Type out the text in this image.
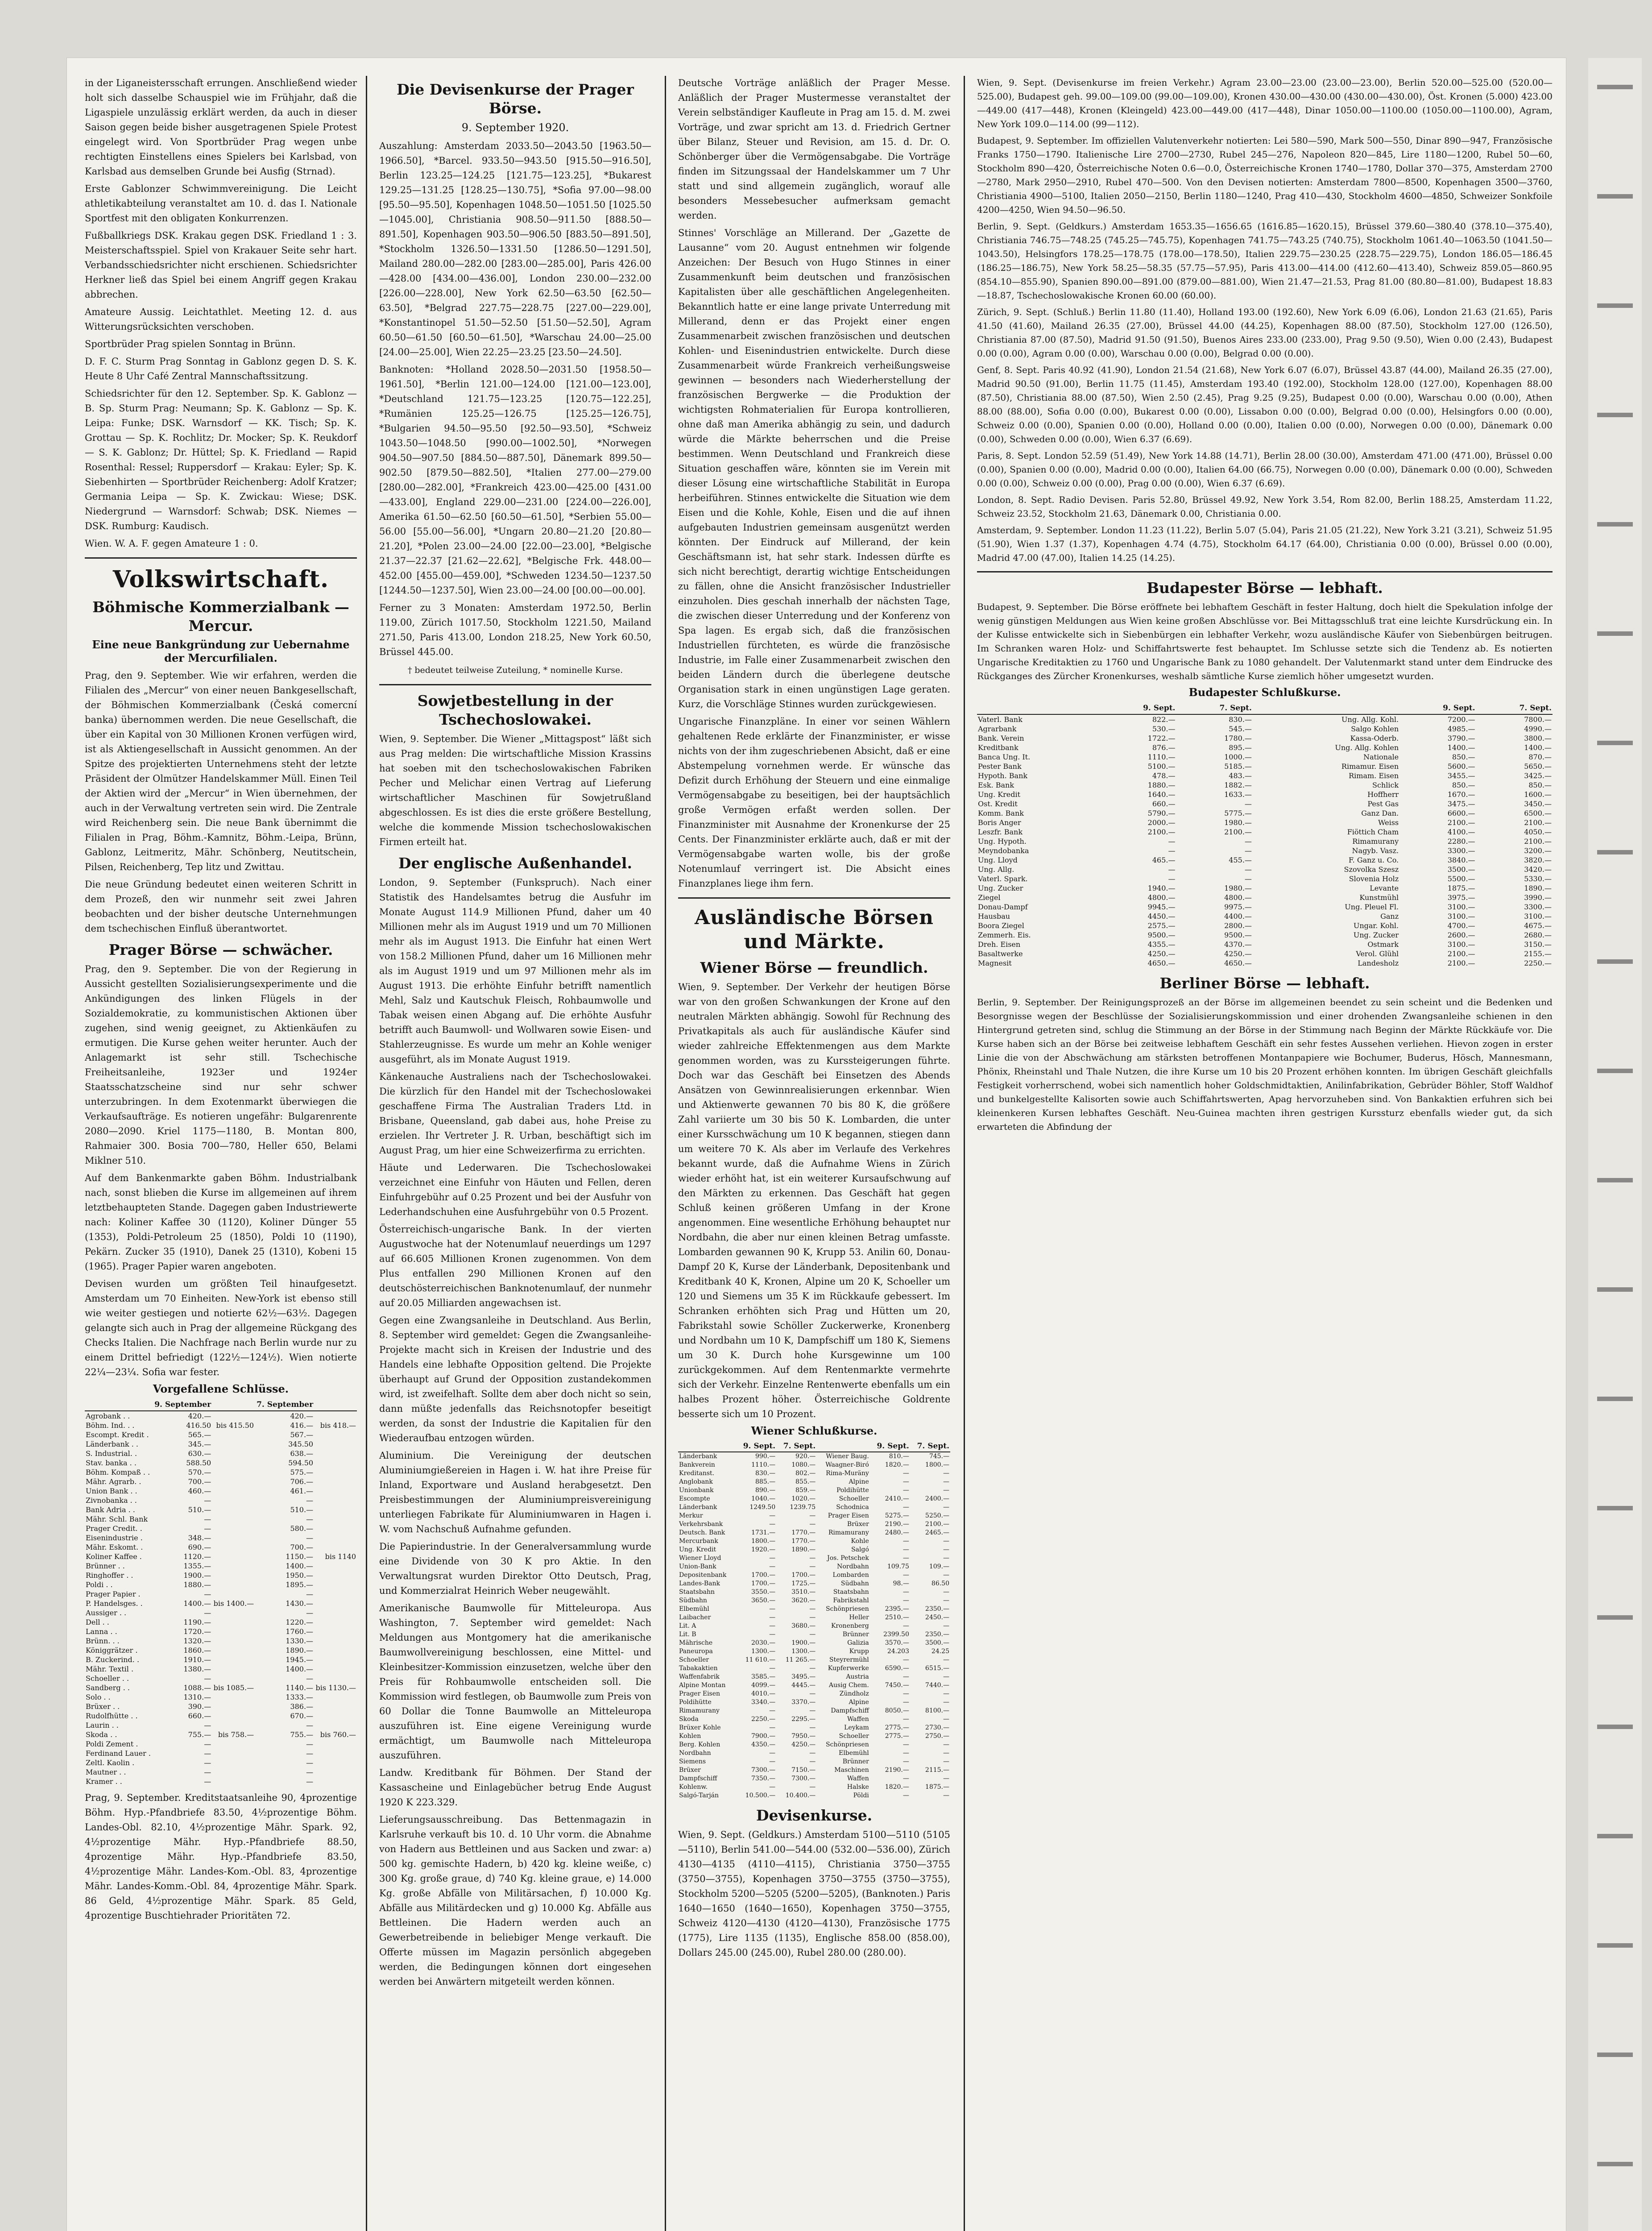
in der Liganeistersschaft errungen. Anschließend wieder holt sich dasselbe Schauspiel wie im Frühjahr, daß die Ligaspiele unzulässig erklärt werden, da auch in dieser Saison gegen beide bisher ausgetragenen Spiele Protest eingelegt wird. Von Sportbrüder Prag wegen unbe rechtigten Einstellens eines Spielers bei Karlsbad, von Karlsbad aus demselben Grunde bei Ausfig (Strnad).

Erste Gablonzer Schwimmvereinigung. Die Leicht athletikabteilung veranstaltet am 10. d. das I. Nationale Sportfest mit den obligaten Konkurrenzen.

Fußballkriegs DSK. Krakau gegen DSK. Friedland 1 : 3. Meisterschaftsspiel. Spiel von Krakauer Seite sehr hart. Verbandsschiedsrichter nicht erschienen. Schiedsrichter Herkner ließ das Spiel bei einem Angriff gegen Krakau abbrechen.

Amateure Aussig. Leichtathlet. Meeting 12. d. aus Witterungsrücksichten verschoben.

Sportbrüder Prag spielen Sonntag in Brünn.

D. F. C. Sturm Prag Sonntag in Gablonz gegen D. S. K. Heute 8 Uhr Café Zentral Mannschaftssitzung.

Schiedsrichter für den 12. September. Sp. K. Gablonz — B. Sp. Sturm Prag: Neumann; Sp. K. Gablonz — Sp. K. Leipa: Funke; DSK. Warnsdorf — KK. Tisch; Sp. K. Grottau — Sp. K. Rochlitz; Dr. Mocker; Sp. K. Reukdorf — S. K. Gablonz; Dr. Hüttel; Sp. K. Friedland — Rapid Rosenthal: Ressel; Ruppersdorf — Krakau: Eyler; Sp. K. Siebenhirten — Sportbrüder Reichenberg: Adolf Kratzer; Germania Leipa — Sp. K. Zwickau: Wiese; DSK. Niedergrund — Warnsdorf: Schwab; DSK. Niemes — DSK. Rumburg: Kaudisch.

Wien. W. A. F. gegen Amateure 1 : 0.

Volkswirtschaft.
Böhmische Kommerzialbank — Mercur.
Eine neue Bankgründung zur Uebernahme der Mercurfilialen.

Prag, den 9. September. Wie wir erfahren, werden die Filialen des „Mercur“ von einer neuen Bankgesellschaft, der Böhmischen Kommerzialbank (Česká comercní banka) übernommen werden. Die neue Gesellschaft, die über ein Kapital von 30 Millionen Kronen verfügen wird, ist als Aktiengesellschaft in Aussicht genommen. An der Spitze des projektierten Unternehmens steht der letzte Präsident der Olmützer Handelskammer Müll. Einen Teil der Aktien wird der „Mercur“ in Wien übernehmen, der auch in der Verwaltung vertreten sein wird. Die Zentrale wird Reichenberg sein. Die neue Bank übernimmt die Filialen in Prag, Böhm.-Kamnitz, Böhm.-Leipa, Brünn, Gablonz, Leitmeritz, Mähr. Schönberg, Neutitschein, Pilsen, Reichenberg, Tep litz und Zwittau.

Die neue Gründung bedeutet einen weiteren Schritt in dem Prozeß, den wir nunmehr seit zwei Jahren beobachten und der bisher deutsche Unternehmungen dem tschechischen Einfluß überantwortet.

Prager Börse — schwächer.

Prag, den 9. September. Die von der Regierung in Aussicht gestellten Sozialisierungsexperimente und die Ankündigungen des linken Flügels in der Sozialdemokratie, zu kommunistischen Aktionen über zugehen, sind wenig geeignet, zu Aktienkäufen zu ermutigen. Die Kurse gehen weiter herunter. Auch der Anlagemarkt ist sehr still. Tschechische Freiheitsanleihe, 1923er und 1924er Staatsschatzscheine sind nur sehr schwer unterzubringen. In dem Exotenmarkt überwiegen die Verkaufsaufträge. Es notieren ungefähr: Bulgarenrente 2080—2090. Kriel 1175—1180, B. Montan 800, Rahmaier 300. Bosia 700—780, Heller 650, Belami Miklner 510.

Auf dem Bankenmarkte gaben Böhm. Industrialbank nach, sonst blieben die Kurse im allgemeinen auf ihrem letztbehaupteten Stande. Dagegen gaben Industriewerte nach: Koliner Kaffee 30 (1120), Koliner Dünger 55 (1353), Poldi-Petroleum 25 (1850), Poldi 10 (1190), Pekärn. Zucker 35 (1910), Danek 25 (1310), Kobeni 15 (1965). Prager Papier waren angeboten.

Devisen wurden um größten Teil hinaufgesetzt. Amsterdam um 70 Einheiten. New-York ist ebenso still wie weiter gestiegen und notierte 62½—63½. Dagegen gelangte sich auch in Prag der allgemeine Rückgang des Checks Italien. Die Nachfrage nach Berlin wurde nur zu einem Drittel befriedigt (122½—124½). Wien notierte 22¼—23¼. Sofia war fester.

Vorgefallene Schlüsse.
	9. September		7. September	
Agrobank . .	420.—		420.—	
Böhm. Ind. . .	416.50	bis 415.50	416.—	bis 418.—
Escompt. Kredit .	565.—		567.—	
Länderbank . .	345.—		345.50	
S. Industrial. .	630.—		638.—	
Stav. banka . .	588.50		594.50	
Böhm. Kompaß . .	570.—		575.—	
Mähr. Agrarb. .	700.—		706.—	
Union Bank . .	460.—		461.—	
Zivnobanka . .	—		—	
Bank Adria . .	510.—		510.—	
Mähr. Schl. Bank	—		—	
Prager Credit. .	—		580.—	
Eisenindustrie .	348.—		—	
Mähr. Eskomt. .	690.—		700.—	
Koliner Kaffee .	1120.—		1150.—	bis 1140
Brünner . .	1355.—		1400.—	
Ringhoffer . .	1900.—		1950.—	
Poldi . .	1880.—		1895.—	
Prager Papier .	—		—	
P. Handelsges. .	1400.—	bis 1400.—	1430.—	
Aussiger . .	—		—	
Dell . .	1190.—		1220.—	
Lanna . .	1720.—		1760.—	
Brünn. . .	1320.—		1330.—	
Königgrätzer .	1860.—		1890.—	
B. Zuckerind. .	1910.—		1945.—	
Mähr. Textil .	1380.—		1400.—	
Schoeller . .	—		—	
Sandberg . .	1088.—	bis 1085.—	1140.—	bis 1130.—
Solo . .	1310.—		1333.—	
Brüxer . .	390.—		386.—	
Rudolfhütte . .	660.—		670.—	
Laurin . .	—		—	
Skoda . .	755.—	bis 758.—	755.—	bis 760.—
Poldi Zement .	—		—	
Ferdinand Lauer .	—		—	
Zeltl. Kaolin .	—		—	
Mautner . .	—		—	
Kramer . .	—		—	

Prag, 9. September. Kreditstaatsanleihe 90, 4prozentige Böhm. Hyp.-Pfandbriefe 83.50, 4½prozentige Böhm. Landes-Obl. 82.10, 4½prozentige Mähr. Spark. 92, 4½prozentige Mähr. Hyp.-Pfandbriefe 88.50, 4prozentige Mähr. Hyp.-Pfandbriefe 83.50, 4½prozentige Mähr. Landes-Kom.-Obl. 83, 4prozentige Mähr. Landes-Komm.-Obl. 84, 4prozentige Mähr. Spark. 86 Geld, 4½prozentige Mähr. Spark. 85 Geld, 4prozentige Buschtiehrader Prioritäten 72.

Die Devisenkurse der Prager Börse.
9. September 1920.

Auszahlung: Amsterdam 2033.50—2043.50 [1963.50—1966.50], *Barcel. 933.50—943.50 [915.50—916.50], Berlin 123.25—124.25 [121.75—123.25], *Bukarest 129.25—131.25 [128.25—130.75], *Sofia 97.00—98.00 [95.50—95.50], Kopenhagen 1048.50—1051.50 [1025.50—1045.00], Christiania 908.50—911.50 [888.50—891.50], Kopenhagen 903.50—906.50 [883.50—891.50], *Stockholm 1326.50—1331.50 [1286.50—1291.50], Mailand 280.00—282.00 [283.00—285.00], Paris 426.00—428.00 [434.00—436.00], London 230.00—232.00 [226.00—228.00], New York 62.50—63.50 [62.50—63.50], *Belgrad 227.75—228.75 [227.00—229.00], *Konstantinopel 51.50—52.50 [51.50—52.50], Agram 60.50—61.50 [60.50—61.50], *Warschau 24.00—25.00 [24.00—25.00], Wien 22.25—23.25 [23.50—24.50].

Banknoten: *Holland 2028.50—2031.50 [1958.50—1961.50], *Berlin 121.00—124.00 [121.00—123.00], *Deutschland 121.75—123.25 [120.75—122.25], *Rumänien 125.25—126.75 [125.25—126.75], *Bulgarien 94.50—95.50 [92.50—93.50], *Schweiz 1043.50—1048.50 [990.00—1002.50], *Norwegen 904.50—907.50 [884.50—887.50], Dänemark 899.50—902.50 [879.50—882.50], *Italien 277.00—279.00 [280.00—282.00], *Frankreich 423.00—425.00 [431.00—433.00], England 229.00—231.00 [224.00—226.00], Amerika 61.50—62.50 [60.50—61.50], *Serbien 55.00—56.00 [55.00—56.00], *Ungarn 20.80—21.20 [20.80—21.20], *Polen 23.00—24.00 [22.00—23.00], *Belgische 21.37—22.37 [21.62—22.62], *Belgische Frk. 448.00—452.00 [455.00—459.00], *Schweden 1234.50—1237.50 [1244.50—1237.50], Wien 23.00—24.00 [00.00—00.00].

Ferner zu 3 Monaten: Amsterdam 1972.50, Berlin 119.00, Zürich 1017.50, Stockholm 1221.50, Mailand 271.50, Paris 413.00, London 218.25, New York 60.50, Brüssel 445.00.

† bedeutet teilweise Zuteilung, * nominelle Kurse.
Sowjetbestellung in der Tschechoslowakei.

Wien, 9. September. Die Wiener „Mittagspost“ läßt sich aus Prag melden: Die wirtschaftliche Mission Krassins hat soeben mit den tschechoslowakischen Fabriken Pecher und Melichar einen Vertrag auf Lieferung wirtschaftlicher Maschinen für Sowjetrußland abgeschlossen. Es ist dies die erste größere Bestellung, welche die kommende Mission tschechoslowakischen Firmen erteilt hat.

Der englische Außenhandel.

London, 9. September (Funkspruch). Nach einer Statistik des Handelsamtes betrug die Ausfuhr im Monate August 114.9 Millionen Pfund, daher um 40 Millionen mehr als im August 1919 und um 70 Millionen mehr als im August 1913. Die Einfuhr hat einen Wert von 158.2 Millionen Pfund, daher um 16 Millionen mehr als im August 1919 und um 97 Millionen mehr als im August 1913. Die erhöhte Einfuhr betrifft namentlich Mehl, Salz und Kautschuk Fleisch, Rohbaumwolle und Tabak weisen einen Abgang auf. Die erhöhte Ausfuhr betrifft auch Baumwoll- und Wollwaren sowie Eisen- und Stahlerzeugnisse. Es wurde um mehr an Kohle weniger ausgeführt, als im Monate August 1919.

Känkenauche Australiens nach der Tschechoslowakei. Die kürzlich für den Handel mit der Tschechoslowakei geschaffene Firma The Australian Traders Ltd. in Brisbane, Queensland, gab dabei aus, hohe Preise zu erzielen. Ihr Vertreter J. R. Urban, beschäftigt sich im August Prag, um hier eine Schweizerfirma zu errichten.

Häute und Lederwaren. Die Tschechoslowakei verzeichnet eine Einfuhr von Häuten und Fellen, deren Einfuhrgebühr auf 0.25 Prozent und bei der Ausfuhr von Lederhandschuhen eine Ausfuhrgebühr von 0.5 Prozent.

Österreichisch-ungarische Bank. In der vierten Augustwoche hat der Notenumlauf neuerdings um 1297 auf 66.605 Millionen Kronen zugenommen. Von dem Plus entfallen 290 Millionen Kronen auf den deutschösterreichischen Banknotenumlauf, der nunmehr auf 20.05 Milliarden angewachsen ist.

Gegen eine Zwangsanleihe in Deutschland. Aus Berlin, 8. September wird gemeldet: Gegen die Zwangsanleihe-Projekte macht sich in Kreisen der Industrie und des Handels eine lebhafte Opposition geltend. Die Projekte überhaupt auf Grund der Opposition zustandekommen wird, ist zweifelhaft. Sollte dem aber doch nicht so sein, dann müßte jedenfalls das Reichsnotopfer beseitigt werden, da sonst der Industrie die Kapitalien für den Wiederaufbau entzogen würden.

Aluminium. Die Vereinigung der deutschen Aluminiumgießereien in Hagen i. W. hat ihre Preise für Inland, Exportware und Ausland herabgesetzt. Den Preisbestimmungen der Aluminiumpreisvereinigung unterliegen Fabrikate für Aluminiumwaren in Hagen i. W. vom Nachschuß Aufnahme gefunden.

Die Papierindustrie. In der Generalversammlung wurde eine Dividende von 30 K pro Aktie. In den Verwaltungsrat wurden Direktor Otto Deutsch, Prag, und Kommerzialrat Heinrich Weber neugewählt.

Amerikanische Baumwolle für Mitteleuropa. Aus Washington, 7. September wird gemeldet: Nach Meldungen aus Montgomery hat die amerikanische Baumwollvereinigung beschlossen, eine Mittel- und Kleinbesitzer-Kommission einzusetzen, welche über den Preis für Rohbaumwolle entscheiden soll. Die Kommission wird festlegen, ob Baumwolle zum Preis von 60 Dollar die Tonne Baumwolle an Mitteleuropa auszuführen ist. Eine eigene Vereinigung wurde ermächtigt, um Baumwolle nach Mitteleuropa auszuführen.

Landw. Kreditbank für Böhmen. Der Stand der Kassascheine und Einlagebücher betrug Ende August 1920 K 223.329.

Lieferungsausschreibung. Das Bettenmagazin in Karlsruhe verkauft bis 10. d. 10 Uhr vorm. die Abnahme von Hadern aus Bettleinen und aus Sacken und zwar: a) 500 kg. gemischte Hadern, b) 420 kg. kleine weiße, c) 300 Kg. große graue, d) 740 Kg. kleine graue, e) 14.000 Kg. große Abfälle von Militärsachen, f) 10.000 Kg. Abfälle aus Militärdecken und g) 10.000 Kg. Abfälle aus Bettleinen. Die Hadern werden auch an Gewerbetreibende in beliebiger Menge verkauft. Die Offerte müssen im Magazin persönlich abgegeben werden, die Bedingungen können dort eingesehen werden bei Anwärtern mitgeteilt werden können.

Deutsche Vorträge anläßlich der Prager Messe. Anläßlich der Prager Mustermesse veranstaltet der Verein selbständiger Kaufleute in Prag am 15. d. M. zwei Vorträge, und zwar spricht am 13. d. Friedrich Gertner über Bilanz, Steuer und Revision, am 15. d. Dr. O. Schönberger über die Vermögensabgabe. Die Vorträge finden im Sitzungssaal der Handelskammer um 7 Uhr statt und sind allgemein zugänglich, worauf alle besonders Messebesucher aufmerksam gemacht werden.

Stinnes' Vorschläge an Millerand. Der „Gazette de Lausanne“ vom 20. August entnehmen wir folgende Anzeichen: Der Besuch von Hugo Stinnes in einer Zusammenkunft beim deutschen und französischen Kapitalisten über alle geschäftlichen Angelegenheiten. Bekanntlich hatte er eine lange private Unterredung mit Millerand, denn er das Projekt einer engen Zusammenarbeit zwischen französischen und deutschen Kohlen- und Eisenindustrien entwickelte. Durch diese Zusammenarbeit würde Frankreich verheißungsweise gewinnen — besonders nach Wiederherstellung der französischen Bergwerke — die Produktion der wichtigsten Rohmaterialien für Europa kontrollieren, ohne daß man Amerika abhängig zu sein, und dadurch würde die Märkte beherrschen und die Preise bestimmen. Wenn Deutschland und Frankreich diese Situation geschaffen wäre, könnten sie im Verein mit dieser Lösung eine wirtschaftliche Stabilität in Europa herbeiführen. Stinnes entwickelte die Situation wie dem Eisen und die Kohle, Kohle, Eisen und die auf ihnen aufgebauten Industrien gemeinsam ausgenützt werden könnten. Der Eindruck auf Millerand, der kein Geschäftsmann ist, hat sehr stark. Indessen dürfte es sich nicht berechtigt, derartig wichtige Entscheidungen zu fällen, ohne die Ansicht französischer Industrieller einzuholen. Dies geschah innerhalb der nächsten Tage, die zwischen dieser Unterredung und der Konferenz von Spa lagen. Es ergab sich, daß die französischen Industriellen fürchteten, es würde die französische Industrie, im Falle einer Zusammenarbeit zwischen den beiden Ländern durch die überlegene deutsche Organisation stark in einen ungünstigen Lage geraten. Kurz, die Vorschläge Stinnes wurden zurückgewiesen.

Ungarische Finanzpläne. In einer vor seinen Wählern gehaltenen Rede erklärte der Finanzminister, er wisse nichts von der ihm zugeschriebenen Absicht, daß er eine Abstempelung vornehmen werde. Er wünsche das Defizit durch Erhöhung der Steuern und eine einmalige Vermögensabgabe zu beseitigen, bei der hauptsächlich große Vermögen erfaßt werden sollen. Der Finanzminister mit Ausnahme der Kronenkurse der 25 Cents. Der Finanzminister erklärte auch, daß er mit der Vermögensabgabe warten wolle, bis der große Notenumlauf verringert ist. Die Absicht eines Finanzplanes liege ihm fern.

Ausländische Börsen und Märkte.
Wiener Börse — freundlich.

Wien, 9. September. Der Verkehr der heutigen Börse war von den großen Schwankungen der Krone auf den neutralen Märkten abhängig. Sowohl für Rechnung des Privatkapitals als auch für ausländische Käufer sind wieder zahlreiche Effektenmengen aus dem Markte genommen worden, was zu Kurssteigerungen führte. Doch war das Geschäft bei Einsetzen des Abends Ansätzen von Gewinnrealisierungen erkennbar. Wien und Aktienwerte gewannen 70 bis 80 K, die größere Zahl variierte um 30 bis 50 K. Lombarden, die unter einer Kursschwächung um 10 K begannen, stiegen dann um weitere 70 K. Als aber im Verlaufe des Verkehres bekannt wurde, daß die Aufnahme Wiens in Zürich wieder erhöht hat, ist ein weiterer Kursaufschwung auf den Märkten zu erkennen. Das Geschäft hat gegen Schluß keinen größeren Umfang in der Krone angenommen. Eine wesentliche Erhöhung behauptet nur Nordbahn, die aber nur einen kleinen Betrag umfasste. Lombarden gewannen 90 K, Krupp 53. Anilin 60, Donau-Dampf 20 K, Kurse der Länderbank, Depositenbank und Kreditbank 40 K, Kronen, Alpine um 20 K, Schoeller um 120 und Siemens um 35 K im Rückkaufe gebessert. Im Schranken erhöhten sich Prag und Hütten um 20, Fabrikstahl sowie Schöller Zuckerwerke, Kronenberg und Nordbahn um 10 K, Dampfschiff um 180 K, Siemens um 30 K. Durch hohe Kursgewinne um 100 zurückgekommen. Auf dem Rentenmarkte vermehrte sich der Verkehr. Einzelne Rentenwerte ebenfalls um ein halbes Prozent höher. Österreichische Goldrente besserte sich um 10 Prozent.

Wiener Schlußkurse.
	9. Sept.	7. Sept.		9. Sept.	7. Sept.
Länderbank	990.—	920.—	Wiener Baug.	810.—	745.—
Bankverein	1110.—	1080.—	Waagner-Biró	1820.—	1800.—
Kreditanst.	830.—	802.—	Rima-Muräny	—	—
Anglobank	885.—	855.—	Alpine	—	—
Unionbank	890.—	859.—	Poldihütte	—	—
Escompte	1040.—	1020.—	Schoeller	2410.—	2400.—
Länderbank	1249.50	1239.75	Schodnica	—	—
Merkur	—	—	Prager Eisen	5275.—	5250.—
Verkehrsbank	—	—	Brüxer	2190.—	2100.—
Deutsch. Bank	1731.—	1770.—	Rimamurany	2480.—	2465.—
Mercurbank	1800.—	1770.—	Kohle	—	—
Ung. Kredit	1920.—	1890.—	Salgó	—	—
Wiener Lloyd	—	—	Jos. Petschek	—	—
Union-Bank	—	—	Nordbahn	109.75	109.—
Depositenbank	1700.—	1700.—	Lombarden	—	—
Landes-Bank	1700.—	1725.—	Südbahn	98.—	86.50
Staatsbahn	3550.—	3510.—	Staatsbahn	—	—
Südbahn	3650.—	3620.—	Fabrikstahl	—	—
Elbemühl	—	—	Schönpriesen	2395.—	2350.—
Laibacher	—	—	Heller	2510.—	2450.—
Lit. A	—	3680.—	Kronenberg	—	—
Lit. B	—	—	Brünner	2399.50	2350.—
Mährische	2030.—	1900.—	Galizia	3570.—	3500.—
Paneuropa	1300.—	1300.—	Krupp	24.203	24.25
Schoeller	11 610.—	11 265.—	Steyrermühl	—	—
Tabakaktien	—	—	Kupferwerke	6590.—	6515.—
Waffenfabrik	3585.—	3495.—	Austria	—	—
Alpine Montan	4099.—	4445.—	Ausig Chem.	7450.—	7440.—
Prager Eisen	4010.—	—	Zündholz	—	—
Poldihütte	3340.—	3370.—	Alpine	—	—
Rimamurany	—	—	Dampfschiff	8050.—	8100.—
Skoda	2250.—	2295.—	Waffen	—	—
Brüxer Kohle	—	—	Leykam	2775.—	2730.—
Kohlen	7900.—	7950.—	Schoeller	2775.—	2750.—
Berg. Kohlen	4350.—	4250.—	Schönpriesen	—	—
Nordbahn	—	—	Elbemühl	—	—
Siemens	—	—	Brünner	—	—
Brüxer	7300.—	7150.—	Maschinen	2190.—	2115.—
Dampfschiff	7350.—	7300.—	Waffen	—	—
Kohlenw.	—	—	Halske	1820.—	1875.—
Salgó-Tarján	10.500.—	10.400.—	Pöldi	—	—
Devisenkurse.

Wien, 9. Sept. (Geldkurs.) Amsterdam 5100—5110 (5105—5110), Berlin 541.00—544.00 (532.00—536.00), Zürich 4130—4135 (4110—4115), Christiania 3750—3755 (3750—3755), Kopenhagen 3750—3755 (3750—3755), Stockholm 5200—5205 (5200—5205), (Banknoten.) Paris 1640—1650 (1640—1650), Kopenhagen 3750—3755, Schweiz 4120—4130 (4120—4130), Französische 1775 (1775), Lire 1135 (1135), Englische 858.00 (858.00), Dollars 245.00 (245.00), Rubel 280.00 (280.00).

Wien, 9. Sept. (Devisenkurse im freien Verkehr.) Agram 23.00—23.00 (23.00—23.00), Berlin 520.00—525.00 (520.00—525.00), Budapest geh. 99.00—109.00 (99.00—109.00), Kronen 430.00—430.00 (430.00—430.00), Öst. Kronen (5.000) 423.00—449.00 (417—448), Kronen (Kleingeld) 423.00—449.00 (417—448), Dinar 1050.00—1100.00 (1050.00—1100.00), Agram, New York 109.0—114.00 (99—112).

Budapest, 9. September. Im offiziellen Valutenverkehr notierten: Lei 580—590, Mark 500—550, Dinar 890—947, Französische Franks 1750—1790. Italienische Lire 2700—2730, Rubel 245—276, Napoleon 820—845, Lire 1180—1200, Rubel 50—60, Stockholm 890—420, Österreichische Noten 0.6—0.0, Österreichische Kronen 1740—1780, Dollar 370—375, Amsterdam 2700—2780, Mark 2950—2910, Rubel 470—500. Von den Devisen notierten: Amsterdam 7800—8500, Kopenhagen 3500—3760, Christiania 4900—5100, Italien 2050—2150, Berlin 1180—1240, Prag 410—430, Stockholm 4600—4850, Schweizer Sonkfoile 4200—4250, Wien 94.50—96.50.

Berlin, 9. Sept. (Geldkurs.) Amsterdam 1653.35—1656.65 (1616.85—1620.15), Brüssel 379.60—380.40 (378.10—375.40), Christiania 746.75—748.25 (745.25—745.75), Kopenhagen 741.75—743.25 (740.75), Stockholm 1061.40—1063.50 (1041.50—1043.50), Helsingfors 178.25—178.75 (178.00—178.50), Italien 229.75—230.25 (228.75—229.75), London 186.05—186.45 (186.25—186.75), New York 58.25—58.35 (57.75—57.95), Paris 413.00—414.00 (412.60—413.40), Schweiz 859.05—860.95 (854.10—855.90), Spanien 890.00—891.00 (879.00—881.00), Wien 21.47—21.53, Prag 81.00 (80.80—81.00), Budapest 18.83—18.87, Tschechoslowakische Kronen 60.00 (60.00).

Zürich, 9. Sept. (Schluß.) Berlin 11.80 (11.40), Holland 193.00 (192.60), New York 6.09 (6.06), London 21.63 (21.65), Paris 41.50 (41.60), Mailand 26.35 (27.00), Brüssel 44.00 (44.25), Kopenhagen 88.00 (87.50), Stockholm 127.00 (126.50), Christiania 87.00 (87.50), Madrid 91.50 (91.50), Buenos Aires 233.00 (233.00), Prag 9.50 (9.50), Wien 0.00 (2.43), Budapest 0.00 (0.00), Agram 0.00 (0.00), Warschau 0.00 (0.00), Belgrad 0.00 (0.00).

Genf, 8. Sept. Paris 40.92 (41.90), London 21.54 (21.68), New York 6.07 (6.07), Brüssel 43.87 (44.00), Mailand 26.35 (27.00), Madrid 90.50 (91.00), Berlin 11.75 (11.45), Amsterdam 193.40 (192.00), Stockholm 128.00 (127.00), Kopenhagen 88.00 (87.50), Christiania 88.00 (87.50), Wien 2.50 (2.45), Prag 9.25 (9.25), Budapest 0.00 (0.00), Warschau 0.00 (0.00), Athen 88.00 (88.00), Sofia 0.00 (0.00), Bukarest 0.00 (0.00), Lissabon 0.00 (0.00), Belgrad 0.00 (0.00), Helsingfors 0.00 (0.00), Schweiz 0.00 (0.00), Spanien 0.00 (0.00), Holland 0.00 (0.00), Italien 0.00 (0.00), Norwegen 0.00 (0.00), Dänemark 0.00 (0.00), Schweden 0.00 (0.00), Wien 6.37 (6.69).

Paris, 8. Sept. London 52.59 (51.49), New York 14.88 (14.71), Berlin 28.00 (30.00), Amsterdam 471.00 (471.00), Brüssel 0.00 (0.00), Spanien 0.00 (0.00), Madrid 0.00 (0.00), Italien 64.00 (66.75), Norwegen 0.00 (0.00), Dänemark 0.00 (0.00), Schweden 0.00 (0.00), Schweiz 0.00 (0.00), Prag 0.00 (0.00), Wien 6.37 (6.69).

London, 8. Sept. Radio Devisen. Paris 52.80, Brüssel 49.92, New York 3.54, Rom 82.00, Berlin 188.25, Amsterdam 11.22, Schweiz 23.52, Stockholm 21.63, Dänemark 0.00, Christiania 0.00.

Amsterdam, 9. September. London 11.23 (11.22), Berlin 5.07 (5.04), Paris 21.05 (21.22), New York 3.21 (3.21), Schweiz 51.95 (51.90), Wien 1.37 (1.37), Kopenhagen 4.74 (4.75), Stockholm 64.17 (64.00), Christiania 0.00 (0.00), Brüssel 0.00 (0.00), Madrid 47.00 (47.00), Italien 14.25 (14.25).

Budapester Börse — lebhaft.

Budapest, 9. September. Die Börse eröffnete bei lebhaftem Geschäft in fester Haltung, doch hielt die Spekulation infolge der wenig günstigen Meldungen aus Wien keine großen Abschlüsse vor. Bei Mittagsschluß trat eine leichte Kursdrückung ein. In der Kulisse entwickelte sich in Siebenbürgen ein lebhafter Verkehr, wozu ausländische Käufer von Siebenbürgen beitrugen. Im Schranken waren Holz- und Schiffahrtswerte fest behauptet. Im Schlusse setzte sich die Tendenz ab. Es notierten Ungarische Kreditaktien zu 1760 und Ungarische Bank zu 1080 gehandelt. Der Valutenmarkt stand unter dem Eindrucke des Rückganges des Zürcher Kronenkurses, weshalb sämtliche Kurse ziemlich höher umgesetzt wurden.

Budapester Schlußkurse.
	9. Sept.	7. Sept.		9. Sept.	7. Sept.
Vaterl. Bank	822.—	830.—	Ung. Allg. Kohl.	7200.—	7800.—
Agrarbank	530.—	545.—	Salgo Kohlen	4985.—	4990.—
Bank. Verein	1722.—	1780.—	Kassa-Oderb.	3790.—	3800.—
Kreditbank	876.—	895.—	Ung. Allg. Kohlen	1400.—	1400.—
Banca Ung. It.	1110.—	1000.—	Nationale	850.—	870.—
Pester Bank	5100.—	5185.—	Rimamur. Eisen	5600.—	5650.—
Hypoth. Bank	478.—	483.—	Rimam. Eisen	3455.—	3425.—
Esk. Bank	1880.—	1882.—	Schlick	850.—	850.—
Ung. Kredit	1640.—	1633.—	Hoffherr	1670.—	1600.—
Ost. Kredit	660.—	—	Pest Gas	3475.—	3450.—
Komm. Bank	5790.—	5775.—	Ganz Dan.	6600.—	6500.—
Boris Anger	2000.—	1980.—	Weiss	2100.—	2100.—
Leszfr. Bank	2100.—	2100.—	Fiöttich Cham	4100.—	4050.—
Ung. Hypoth.	—	—	Rimamurany	2280.—	2100.—
Meyndobanka	—	—	Nagyb. Vasz.	3300.—	3200.—
Ung. Lloyd	465.—	455.—	F. Ganz u. Co.	3840.—	3820.—
Ung. Allg.	—	—	Szovolka Szesz	3500.—	3420.—
Vaterl. Spark.	—	—	Slovenia Holz	5500.—	5330.—
Ung. Zucker	1940.—	1980.—	Levante	1875.—	1890.—
Ziegel	4800.—	4800.—	Kunstmühl	3975.—	3990.—
Donau-Dampf	9945.—	9975.—	Ung. Pleuel Fl.	3100.—	3300.—
Hausbau	4450.—	4400.—	Ganz	3100.—	3100.—
Boora Ziegel	2575.—	2800.—	Ungar. Kohl.	4700.—	4675.—
Zemmerh. Eis.	9500.—	9500.—	Ung. Zucker	2600.—	2680.—
Dreh. Eisen	4355.—	4370.—	Ostmark	3100.—	3150.—
Basaltwerke	4250.—	4250.—	Verol. Glühl	2100.—	2155.—
Magnesit	4650.—	4650.—	Landesholz	2100.—	2250.—
Berliner Börse — lebhaft.

Berlin, 9. September. Der Reinigungsprozeß an der Börse im allgemeinen beendet zu sein scheint und die Bedenken und Besorgnisse wegen der Beschlüsse der Sozialisierungskommission und einer drohenden Zwangsanleihe schienen in den Hintergrund getreten sind, schlug die Stimmung an der Börse in der Stimmung nach Beginn der Märkte Rückkäufe vor. Die Kurse haben sich an der Börse bei zeitweise lebhaftem Geschäft ein sehr festes Aussehen verliehen. Hievon zogen in erster Linie die von der Abschwächung am stärksten betroffenen Montanpapiere wie Bochumer, Buderus, Hösch, Mannesmann, Phönix, Rheinstahl und Thale Nutzen, die ihre Kurse um 10 bis 20 Prozent erhöhen konnten. Im übrigen Geschäft gleichfalls Festigkeit vorherrschend, wobei sich namentlich hoher Goldschmidtaktien, Anilinfabrikation, Gebrüder Böhler, Stoff Waldhof und bunkelgestellte Kalisorten sowie auch Schiffahrtswerten, Apag hervorzuheben sind. Von Bankaktien erfuhren sich bei kleinenkeren Kursen lebhaftes Geschäft. Neu-Guinea machten ihren gestrigen Kurssturz ebenfalls wieder gut, da sich erwarteten die Abfindung der
